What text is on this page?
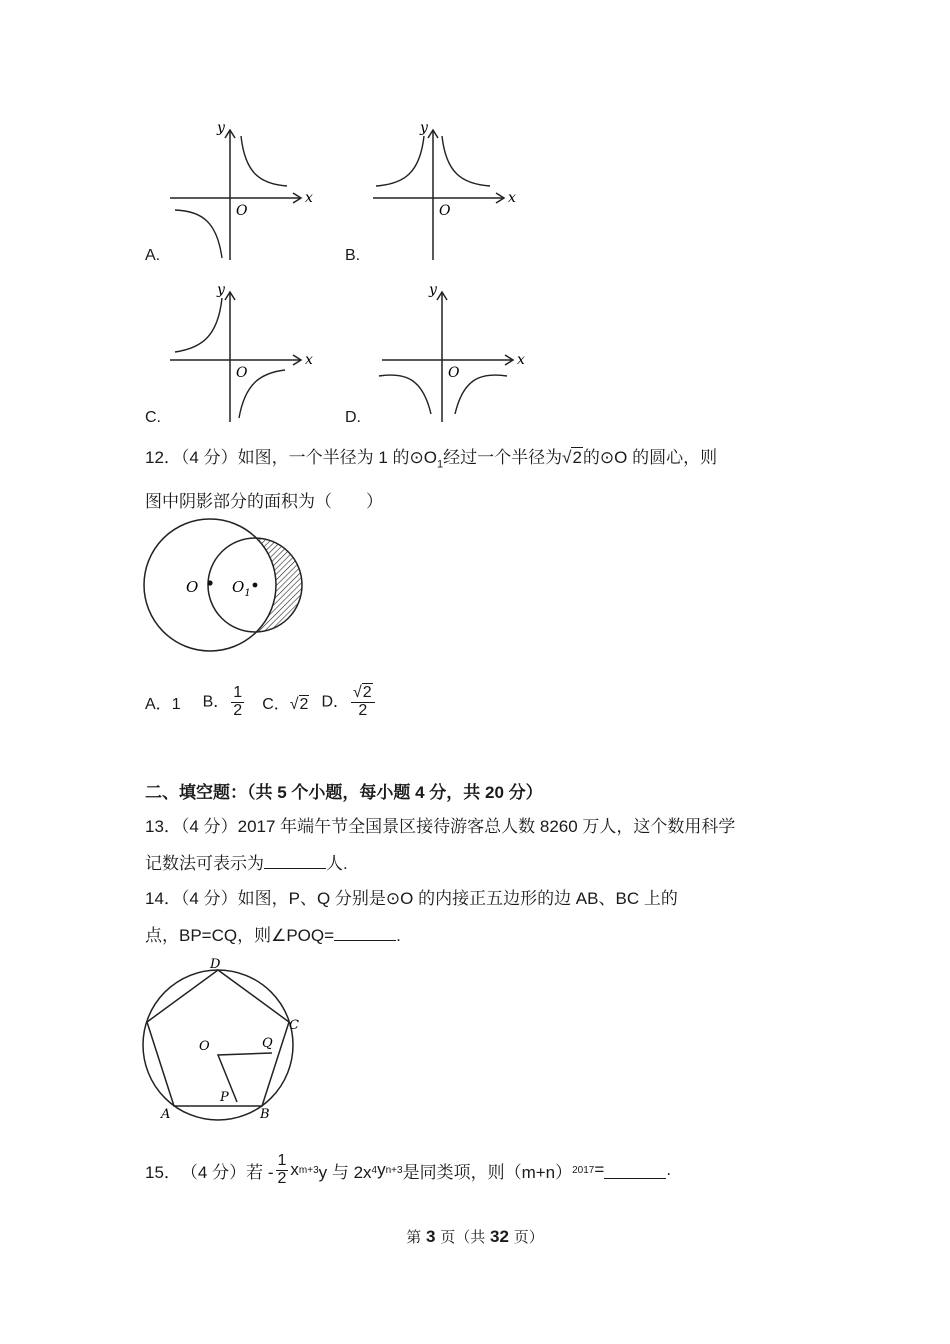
x
y
O
A.
x
y
O
B.
x
y
O
C.
x
y
O
D.
12．（4 分）如图，一个半径为 1 的$⊙O_1$经过一个半径为√2的⊙O 的圆心，则
图中阴影部分的面积为（　　）
O $O_1$
A．1 B． $\frac{1}{2}$ C．√2 D． $\frac{√2}{2}$
二、填空题：（共 5 个小题，每小题 4 分，共 20 分）
13．（4 分）2017 年端午节全国景区接待游客总人数 8260 万人，这个数用科学
记数法可表示为	人.
14．（4 分）如图，P、Q 分别是⊙O 的内接正五边形的边 AB、BC 上的
点，BP=CQ，则∠POQ=	.
D
C
B
A
O	Q
P
15． （4 分） 若 - $\frac{1}{2}$ x m+3 y 与 2x 4 y n+3 是同类项，则（m+n） 2017 =	.
第 3 页（共 32 页）
